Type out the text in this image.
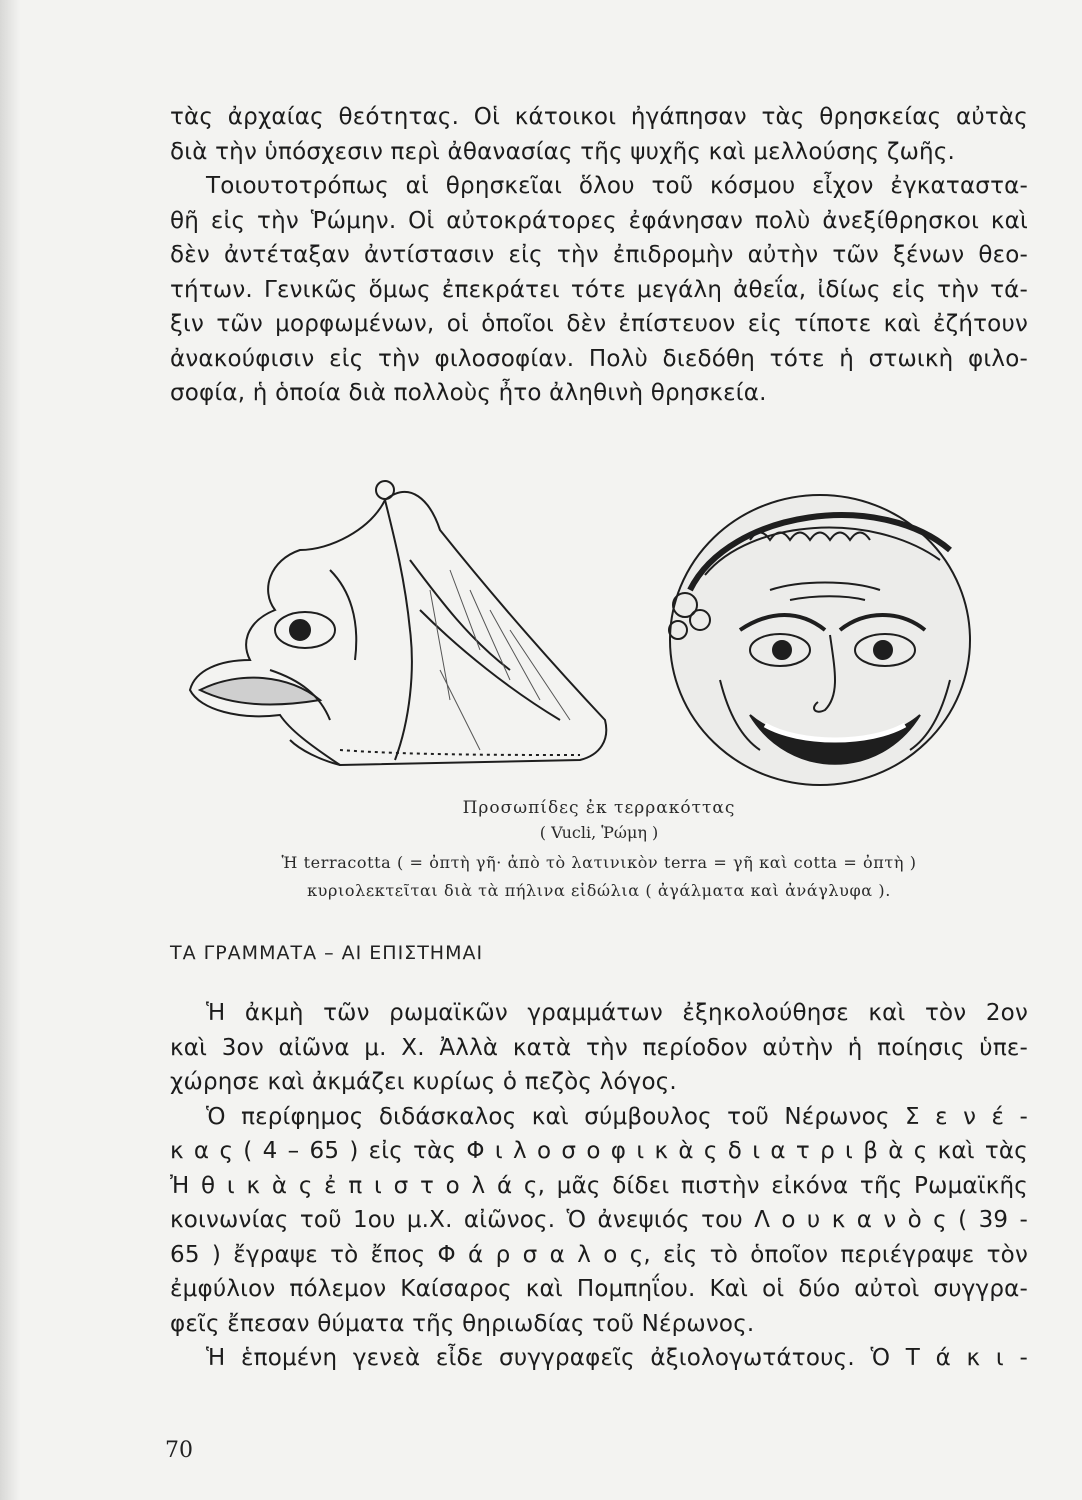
τὰς ἀρχαίας θεότητας. Οἱ κάτοικοι ἠγάπησαν τὰς θρησκείας αὐτὰς
διὰ τὴν ὑπόσχεσιν περὶ ἀθανασίας τῆς ψυχῆς καὶ μελλούσης ζωῆς.
Τοιουτοτρόπως αἱ θρησκεῖαι ὅλου τοῦ κόσμου εἶχον ἐγκαταστα-
θῆ εἰς τὴν Ῥώμην. Οἱ αὐτοκράτορες ἐφάνησαν πολὺ ἀνεξίθρησκοι καὶ
δὲν ἀντέταξαν ἀντίστασιν εἰς τὴν ἐπιδρομὴν αὐτὴν τῶν ξένων θεο-
τήτων. Γενικῶς ὅμως ἐπεκράτει τότε μεγάλη ἀθεΐα, ἰδίως εἰς τὴν τά-
ξιν τῶν μορφωμένων, οἱ ὁποῖοι δὲν ἐπίστευον εἰς τίποτε καὶ ἐζήτουν
ἀνακούφισιν εἰς τὴν φιλοσοφίαν. Πολὺ διεδόθη τότε ἡ στωικὴ φιλο-
σοφία, ἡ ὁποία διὰ πολλοὺς ἦτο ἀληθινὴ θρησκεία.
Προσωπίδες ἐκ τερρακόττας
( Vucli, Ῥώμη )
Ἡ terracotta ( = ὀπτὴ γῆ· ἀπὸ τὸ λατινικὸν terra = γῆ καὶ cotta = ὀπτὴ )
κυριολεκτεῖται διὰ τὰ πήλινα εἰδώλια ( ἀγάλματα καὶ ἀνάγλυφα ).
ΤΑ ΓΡΑΜΜΑΤΑ – ΑΙ ΕΠΙΣΤΗΜΑΙ
Ἡ ἀκμὴ τῶν ρωμαϊκῶν γραμμάτων ἐξηκολούθησε καὶ τὸν 2ον
καὶ 3ον αἰῶνα μ. Χ. Ἀλλὰ κατὰ τὴν περίοδον αὐτὴν ἡ ποίησις ὑπε-
χώρησε καὶ ἀκμάζει κυρίως ὁ πεζὸς λόγος.
Ὁ περίφημος διδάσκαλος καὶ σύμβουλος τοῦ Νέρωνος Σ ε ν έ -
κ α ς ( 4 – 65 ) εἰς τὰς Φ ι λ ο σ ο φ ι κ ὰ ς δ ι α τ ρ ι β ὰ ς καὶ τὰς
Ἠ θ ι κ ὰ ς ἐ π ι σ τ ο λ ά ς, μᾶς δίδει πιστὴν εἰκόνα τῆς Ρωμαϊκῆς
κοινωνίας τοῦ 1ου μ.Χ. αἰῶνος. Ὁ ἀνεψιός του Λ ο υ κ α ν ὸ ς ( 39 -
65 ) ἔγραψε τὸ ἔπος Φ ά ρ σ α λ ο ς, εἰς τὸ ὁποῖον περιέγραψε τὸν
ἐμφύλιον πόλεμον Καίσαρος καὶ Πομπηΐου. Καὶ οἱ δύο αὐτοὶ συγγρα-
φεῖς ἔπεσαν θύματα τῆς θηριωδίας τοῦ Νέρωνος.
Ἡ ἑπομένη γενεὰ εἶδε συγγραφεῖς ἀξιολογωτάτους. Ὁ Τ ά κ ι -
70
